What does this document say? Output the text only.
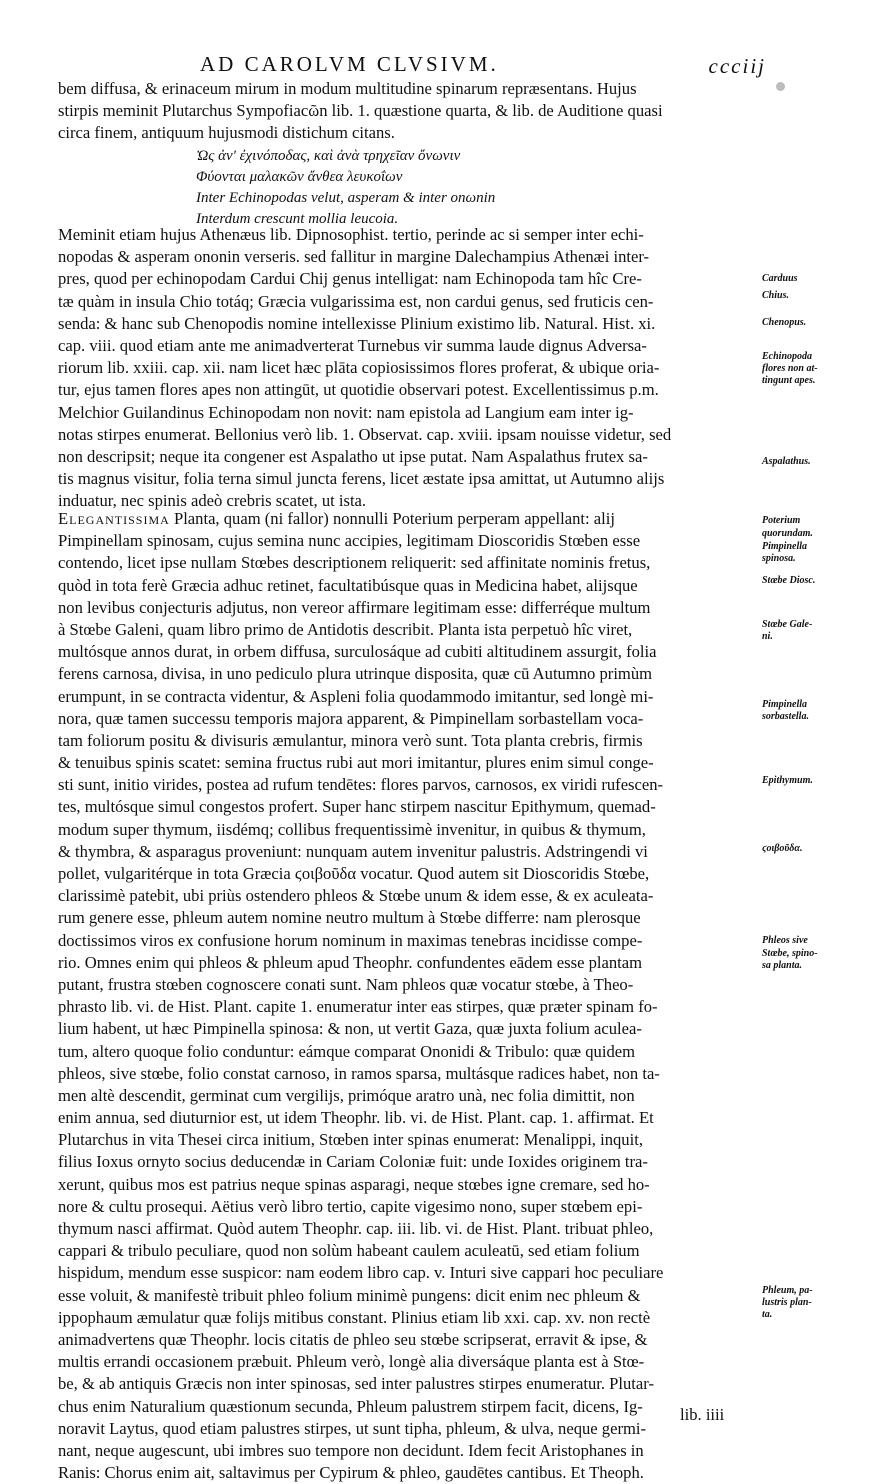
AD CAROLVM CLVSIVM.	ccciij
bem diffusa, & erinaceum mirum in modum multitudine spinarum repræsentans. Hujus
stirpis meminit Plutarchus Sympofiacῶn lib. 1. quæstione quarta, & lib. de Auditione quasi
circa finem, antiquum hujusmodi distichum citans.
Ὠς ἀν' ἐχινόποδας, καὶ ἀνὰ τρηχεῖαν ὄνωνιν
Φύονται μαλακῶν ἄνθεα λευκοΐων
Inter Echinopodas velut, asperam & inter onωnin
Interdum crescunt mollia leucoia.
Meminit etiam hujus Athenæus lib. Dipnosophist. tertio, perinde ac si semper inter echi-
nopodas & asperam ononin verseris. sed fallitur in margine Dalechampius Athenæi inter-
pres, quod per echinopodam Cardui Chij genus intelligat: nam Echinopoda tam hîc Cre-
tæ quàm in insula Chio totáq; Græcia vulgarissima est, non cardui genus, sed fruticis cen-
senda: & hanc sub Chenopodis nomine intellexisse Plinium existimo lib. Natural. Hist. xi.
cap. viii. quod etiam ante me animadverterat Turnebus vir summa laude dignus Adversa-
riorum lib. xxiii. cap. xii. nam licet hæc plāta copiosissimos flores proferat, & ubique oria-
tur, ejus tamen flores apes non attingūt, ut quotidie observari potest. Excellentissimus p.m.
Melchior Guilandinus Echinopodam non novit: nam epistola ad Langium eam inter ig-
notas stirpes enumerat. Bellonius verò lib. 1. Observat. cap. xviii. ipsam nouisse videtur, sed
non descripsit; neque ita congener est Aspalatho ut ipse putat. Nam Aspalathus frutex sa-
tis magnus visitur, folia terna simul juncta ferens, licet æstate ipsa amittat, ut Autumno alijs
induatur, nec spinis adeò crebris scatet, ut ista.
Elegantissima Planta, quam (ni fallor) nonnulli Poterium perperam appellant: alij
Pimpinellam spinosam, cujus semina nunc accipies, legitimam Dioscoridis Stœben esse
contendo, licet ipse nullam Stœbes descriptionem reliquerit: sed affinitate nominis fretus,
quòd in tota ferè Græcia adhuc retinet, facultatibúsque quas in Medicina habet, alijsque
non levibus conjecturis adjutus, non vereor affirmare legitimam esse: differréque multum
à Stœbe Galeni, quam libro primo de Antidotis describit. Planta ista perpetuò hîc viret,
multósque annos durat, in orbem diffusa, surculosáque ad cubiti altitudinem assurgit, folia
ferens carnosa, divisa, in uno pediculo plura utrinque disposita, quæ cū Autumno primùm
erumpunt, in se contracta videntur, & Aspleni folia quodammodo imitantur, sed longè mi-
nora, quæ tamen successu temporis majora apparent, & Pimpinellam sorbastellam voca-
tam foliorum positu & divisuris æmulantur, minora verò sunt. Tota planta crebris, firmis
& tenuibus spinis scatet: semina fructus rubi aut mori imitantur, plures enim simul conge-
sti sunt, initio virides, postea ad rufum tendētes: flores parvos, carnosos, ex viridi rufescen-
tes, multósque simul congestos profert. Super hanc stirpem nascitur Epithymum, quemad-
modum super thymum, iisdémq; collibus frequentissimè invenitur, in quibus & thymum,
& thymbra, & asparagus proveniunt: nunquam autem invenitur palustris. Adstringendi vi
pollet, vulgaritérque in tota Græcia ϛοιβοῦδα vocatur. Quod autem sit Dioscoridis Stœbe,
clarissimè patebit, ubi priùs ostendero phleos & Stœbe unum & idem esse, & ex aculeata-
rum genere esse, phleum autem nomine neutro multum à Stœbe differre: nam plerosque
doctissimos viros ex confusione horum nominum in maximas tenebras incidisse compe-
rio. Omnes enim qui phleos & phleum apud Theophr. confundentes eādem esse plantam
putant, frustra stœben cognoscere conati sunt. Nam phleos quæ vocatur stœbe, à Theo-
phrasto lib. vi. de Hist. Plant. capite 1. enumeratur inter eas stirpes, quæ præter spinam fo-
lium habent, ut hæc Pimpinella spinosa: & non, ut vertit Gaza, quæ juxta folium aculea-
tum, altero quoque folio conduntur: eámque comparat Ononidi & Tribulo: quæ quidem
phleos, sive stœbe, folio constat carnoso, in ramos sparsa, multásque radices habet, non ta-
men altè descendit, germinat cum vergilijs, primóque aratro unà, nec folia dimittit, non
enim annua, sed diuturnior est, ut idem Theophr. lib. vi. de Hist. Plant. cap. 1. affirmat. Et
Plutarchus in vita Thesei circa initium, Stœben inter spinas enumerat: Menalippi, inquit,
filius Ioxus ornyto socius deducendæ in Cariam Coloniæ fuit: unde Ioxides originem tra-
xerunt, quibus mos est patrius neque spinas asparagi, neque stœbes igne cremare, sed ho-
nore & cultu prosequi. Aëtius verò libro tertio, capite vigesimo nono, super stœbem epi-
thymum nasci affirmat. Quòd autem Theophr. cap. iii. lib. vi. de Hist. Plant. tribuat phleo,
cappari & tribulo peculiare, quod non solùm habeant caulem aculeatū, sed etiam folium
hispidum, mendum esse suspicor: nam eodem libro cap. v. Inturi sive cappari hoc peculiare
esse voluit, & manifestè tribuit phleo folium minimè pungens: dicit enim nec phleum &
ippophaum æmulatur quæ folijs mitibus constant. Plinius etiam lib xxi. cap. xv. non rectè
animadvertens quæ Theophr. locis citatis de phleo seu stœbe scripserat, erravit & ipse, &
multis errandi occasionem præbuit. Phleum verò, longè alia diversáque planta est à Stœ-
be, & ab antiquis Græcis non inter spinosas, sed inter palustres stirpes enumeratur. Plutar-
chus enim Naturalium quæstionum secunda, Phleum palustrem stirpem facit, dicens, Ig-
noravit Laytus, quod etiam palustres stirpes, ut sunt tipha, phleum, & ulva, neque germi-
nant, neque augescunt, ubi imbres suo tempore non decidunt. Idem fecit Aristophanes in
Ranis: Chorus enim ait, saltavimus per Cypirum & phleo, gaudētes cantibus. Et Theoph.
lib. iiii
Carduus
Chius.
Chenopus.
Echinopoda
flores non at-
tingunt apes.
Aspalathus.
Poterium
quorundam.
Pimpinella
spinosa.
Stœbe Diosc.
Stœbe Gale-
ni.
Pimpinella
sorbastella.
Epithymum.
ϛοιβοῦδα.
Phleos sive
Stœbe, spino-
sa planta.
Phleum, pa-
lustris plan-
ta.
